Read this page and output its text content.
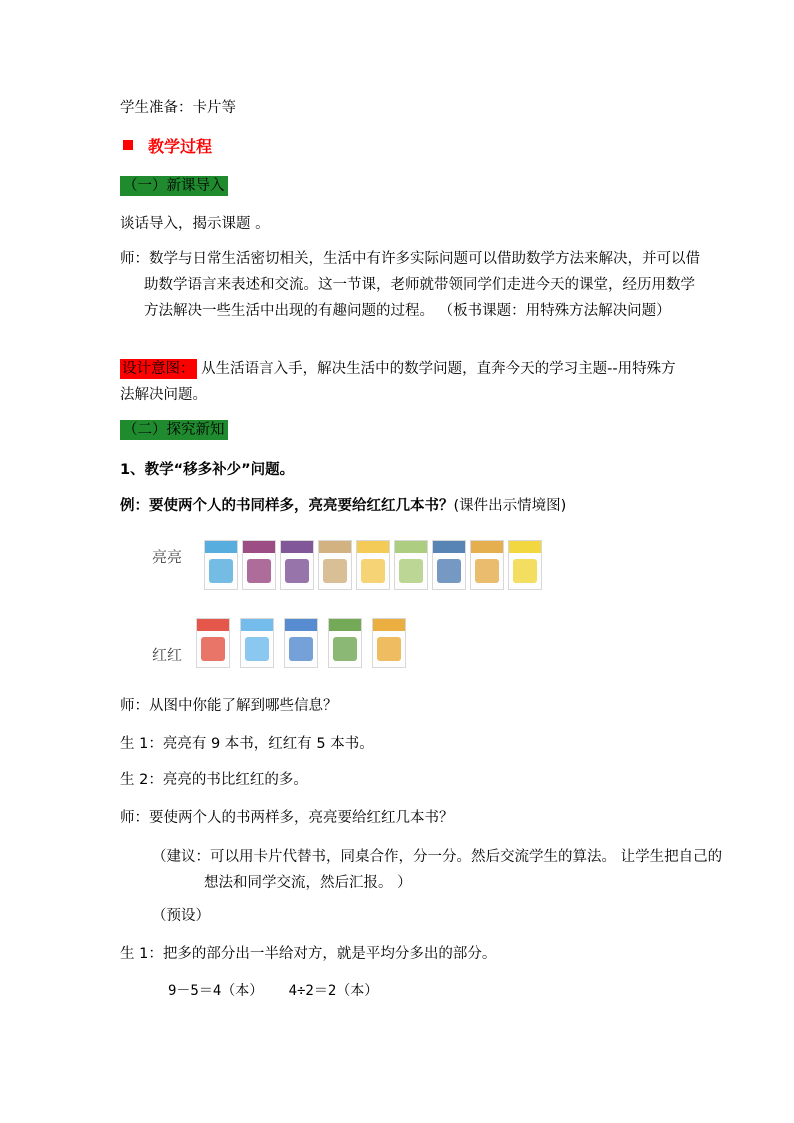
学生准备：卡片等
教学过程
（一）新课导入
谈话导入，揭示课题 。
师：数学与日常生活密切相关，生活中有许多实际问题可以借助数学方法来解决，并可以借助数学语言来表述和交流。这一节课，老师就带领同学们走进今天的课堂，经历用数学方法解决一些生活中出现的有趣问题的过程。 （板书课题：用特殊方法解决问题）
设计意图： 从生活语言入手，解决生活中的数学问题，直奔今天的学习主题--用特殊方法解决问题。
（二）探究新知
1、教学“移多补少”问题。
例：要使两个人的书同样多，亮亮要给红红几本书？(课件出示情境图)
亮亮
红红
师：从图中你能了解到哪些信息？
生 1：亮亮有 9 本书，红红有 5 本书。
生 2：亮亮的书比红红的多。
师：要使两个人的书两样多，亮亮要给红红几本书？
（建议：可以用卡片代替书，同桌合作，分一分。然后交流学生的算法。 让学生把自己的想法和同学交流，然后汇报。 ）
（预设）
生 1：把多的部分出一半给对方，就是平均分多出的部分。
9－5＝4（本）   4÷2＝2（本）
